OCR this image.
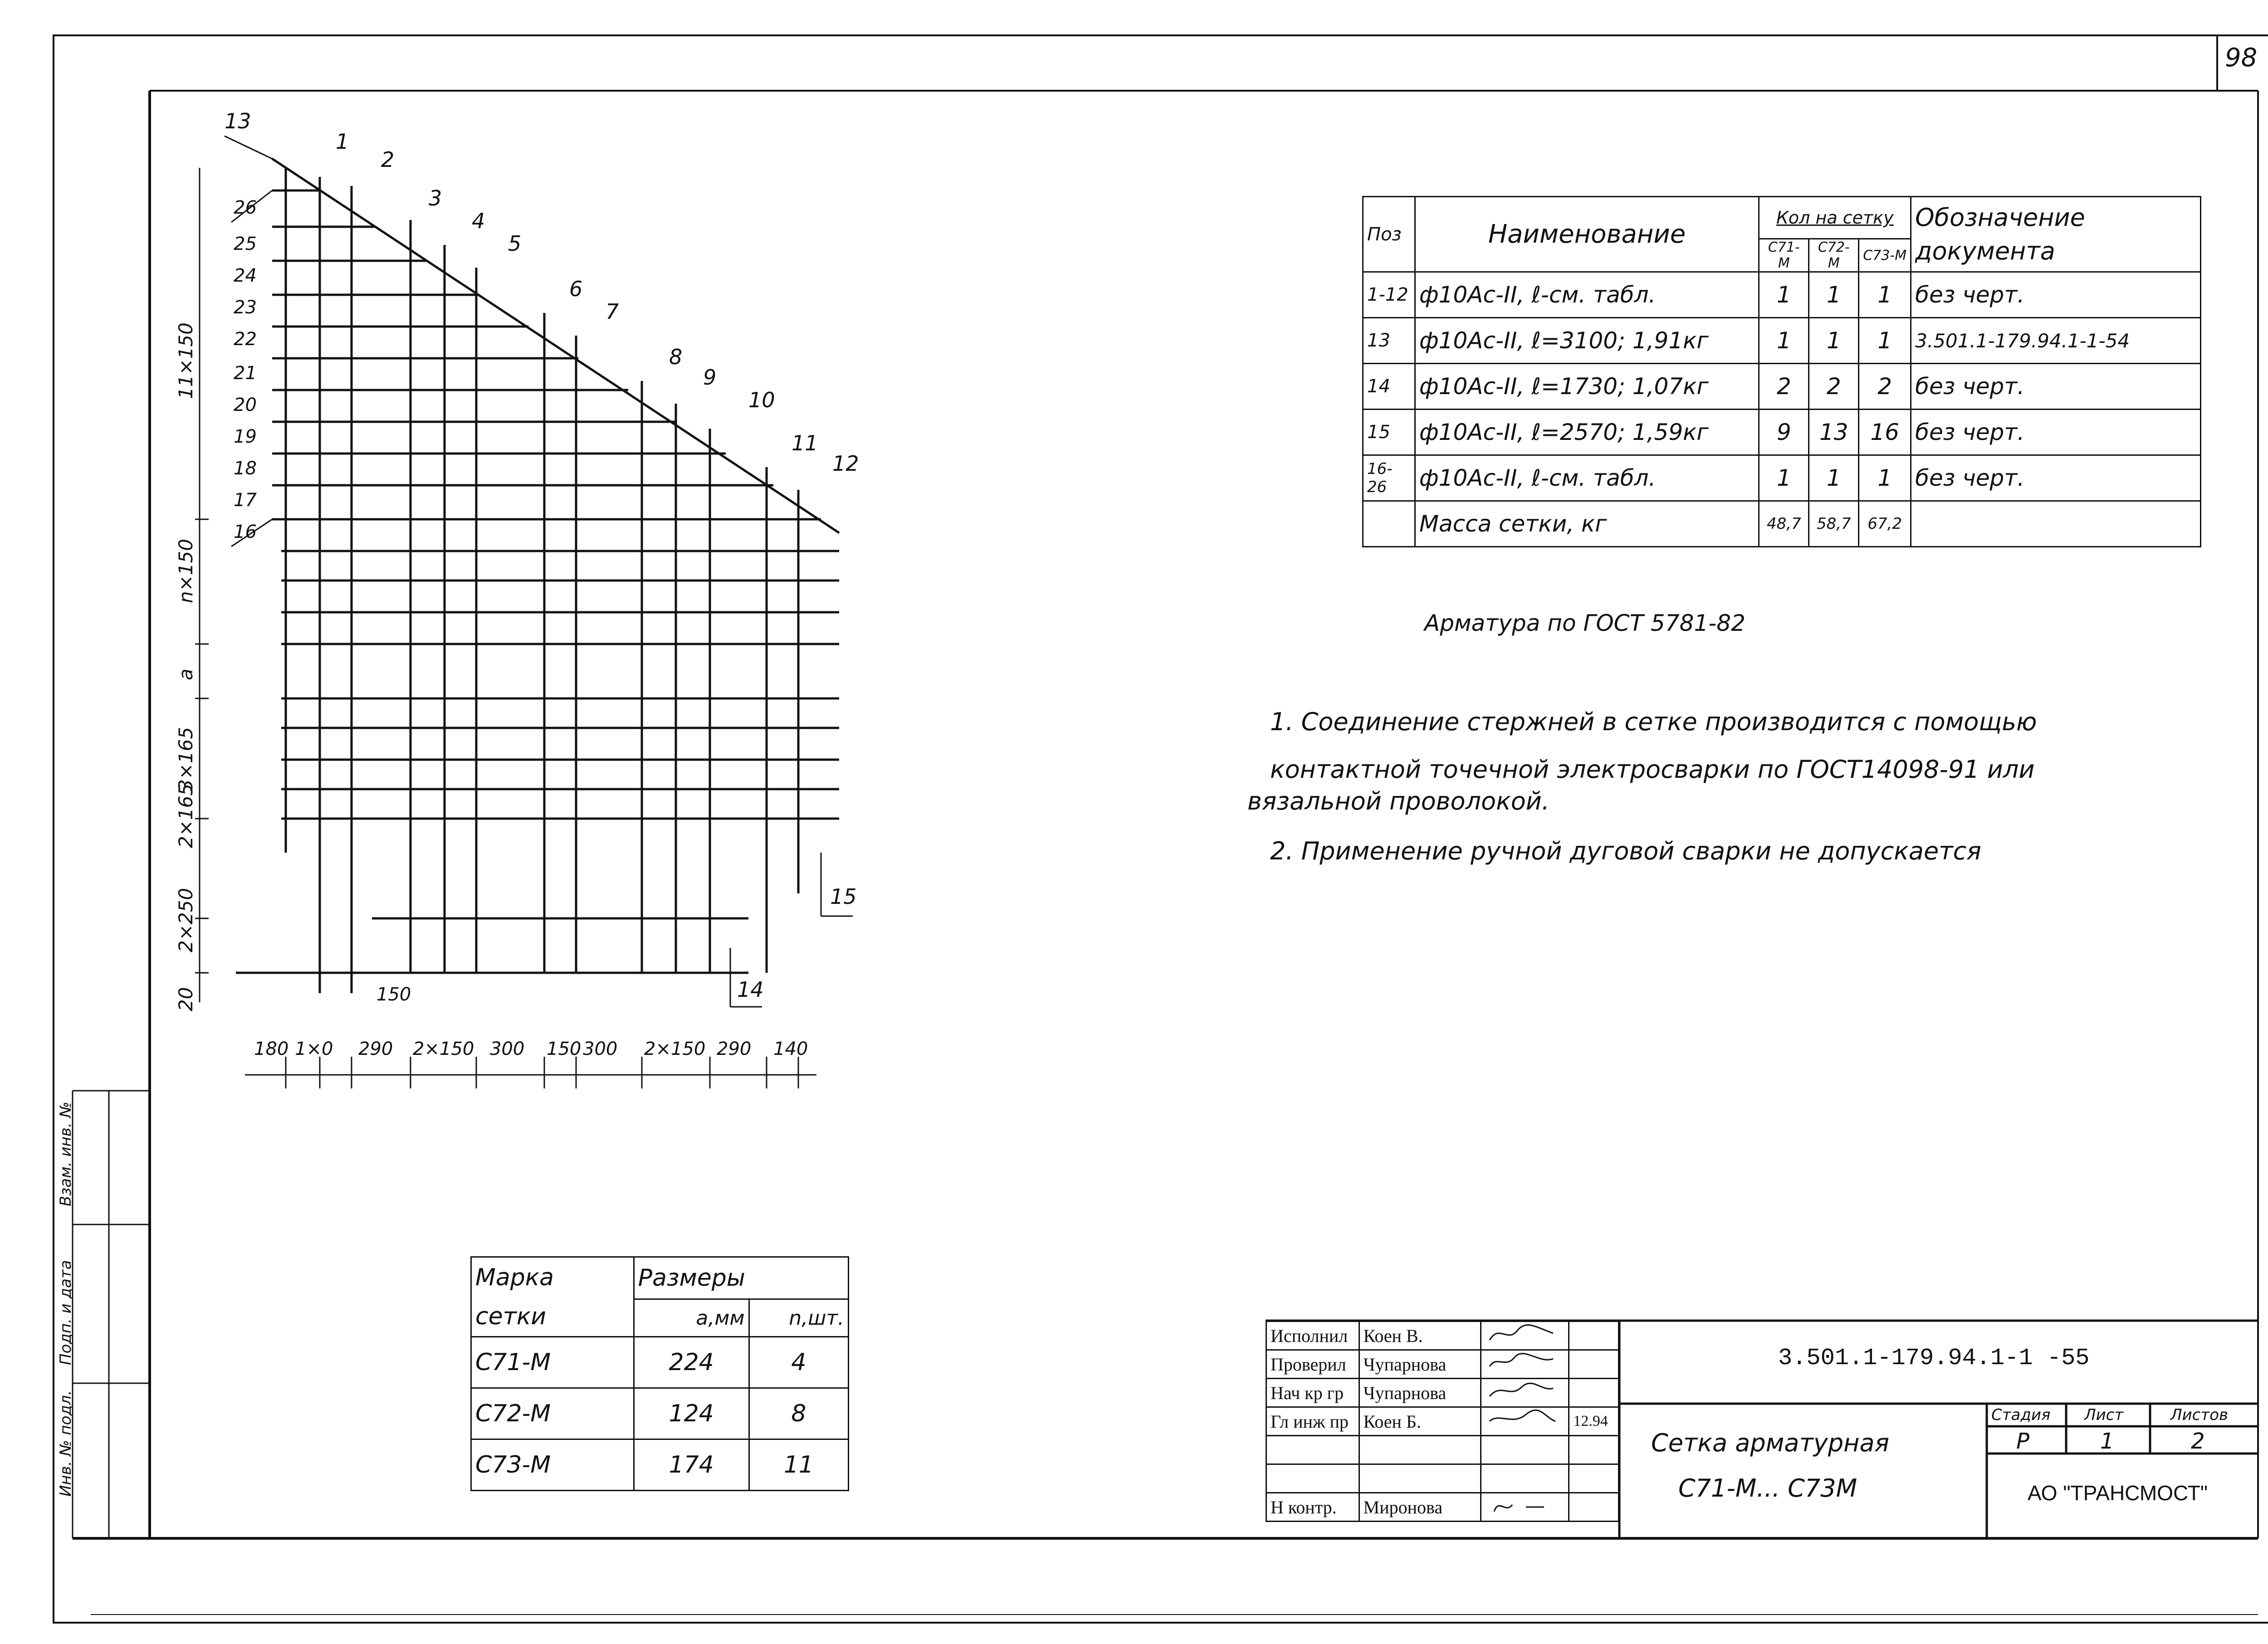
98
Инв. № подл.
Подп. и дата
Взам. инв. №
13
1
2
3
4
5
6
7
8
9
10
11
12
26
25
24
23
22
21
20
19
18
17
16
15
14
150
11×150
n×150
a
3×165
2×165
2×250
20
180 1×0 290 2×150 300 150 300 2×150 290 140
Поз	Наименование	Кол на сетку			Обозначение документа
		С71-М	С72-М	С73-М	
1-12	ф10Ас-II, ℓ-см. табл.	1	1	1	без черт.
13	ф10Ас-II, ℓ=3100; 1,91кг	1	1	1	3.501.1-179.94.1-1-54
14	ф10Ас-II, ℓ=1730; 1,07кг	2	2	2	без черт.
15	ф10Ас-II, ℓ=2570; 1,59кг	9	13	16	без черт.
16-26	ф10Ас-II, ℓ-см. табл.	1	1	1	без черт.
	Масса сетки, кг	48,7	58,7	67,2	
Арматура по ГОСТ 5781-82
1. Соединение стержней в сетке производится с помощью
контактной точечной электросварки по ГОСТ14098-91 или
вязальной проволокой.
2. Применение ручной дуговой сварки не допускается
Марка сетки	Размеры	
	а,мм	n,шт.
С71-М	224	4
С72-М	124	8
С73-М	174	11
Исполнил	Коен В.		
Проверил	Чупарнова		
Нач кр гр	Чупарнова		
Гл инж пр	Коен Б.		12.94

Н контр.	Миронова		
3.501.1-179.94.1-1 -55
Сетка арматурная
С71-М... С73М
Стадия Лист	Листов
Р	1	2
АО "ТРАНСМОСТ"
